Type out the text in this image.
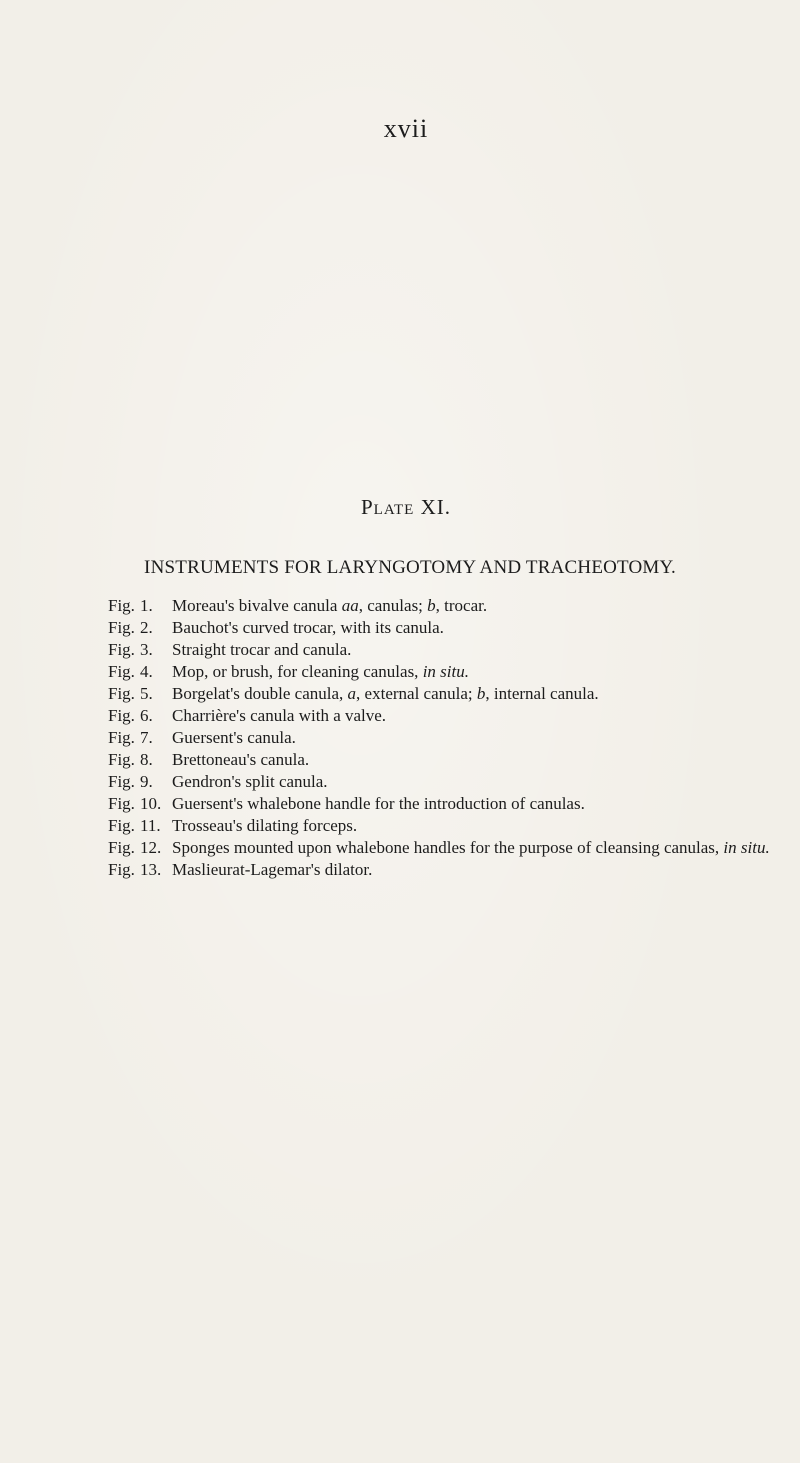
xvii
Plate XI.
INSTRUMENTS FOR LARYNGOTOMY AND TRACHEOTOMY.
Fig. 1.	Moreau's bivalve canula aa, canulas; b, trocar.
Fig. 2.	Bauchot's curved trocar, with its canula.
Fig. 3.	Straight trocar and canula.
Fig. 4.	Mop, or brush, for cleaning canulas, in situ.
Fig. 5.	Borgelat's double canula, a, external canula; b, internal canula.
Fig. 6.	Charrière's canula with a valve.
Fig. 7.	Guersent's canula.
Fig. 8.	Brettoneau's canula.
Fig. 9.	Gendron's split canula.
Fig. 10. Guersent's whalebone handle for the introduction of canulas.
Fig. 11. Trosseau's dilating forceps.
Fig. 12. Sponges mounted upon whalebone handles for the purpose of cleansing canulas, in situ.
Fig. 13. Maslieurat-Lagemar's dilator.
